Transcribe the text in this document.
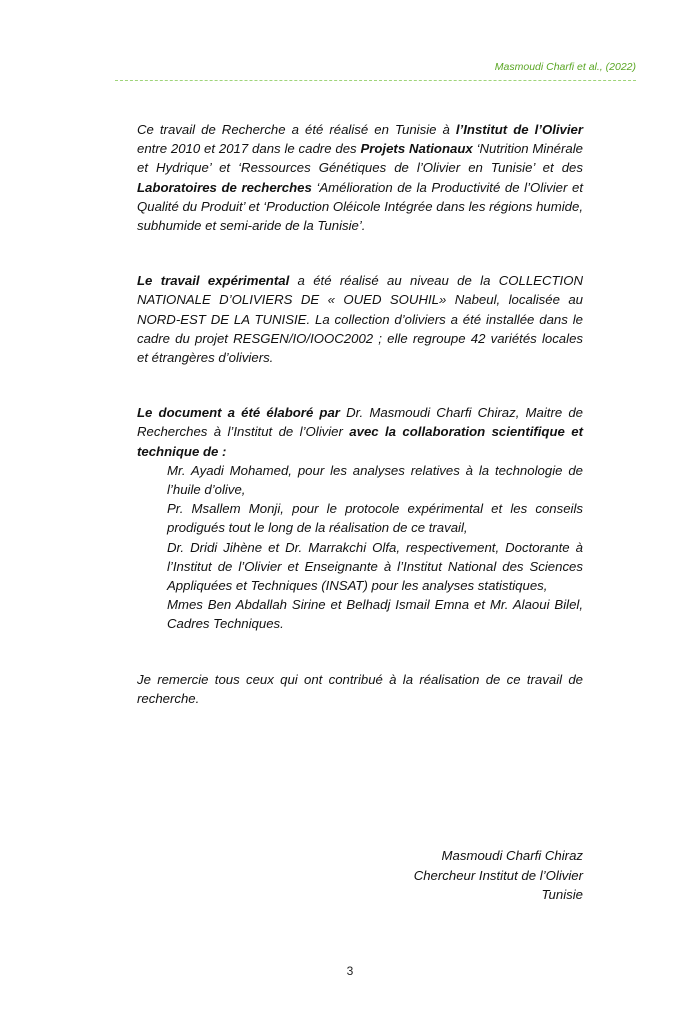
Masmoudi Charfi et al., (2022)

Ce travail de Recherche a été réalisé en Tunisie à l’Institut de l’Olivier entre 2010 et 2017 dans le cadre des Projets Nationaux ‘Nutrition Minérale et Hydrique’ et ‘Ressources Génétiques de l’Olivier en Tunisie’ et des Laboratoires de recherches ‘Amélioration de la Productivité de l’Olivier et Qualité du Produit’ et ‘Production Oléicole Intégrée dans les régions humide, subhumide et semi-aride de la Tunisie’.

Le travail expérimental a été réalisé au niveau de la COLLECTION NATIONALE D’OLIVIERS DE « OUED SOUHIL» Nabeul, localisée au NORD-EST DE LA TUNISIE. La collection d’oliviers a été installée dans le cadre du projet RESGEN/IO/IOOC2002 ; elle regroupe 42 variétés locales et étrangères d’oliviers.

Le document a été élaboré par Dr. Masmoudi Charfi Chiraz, Maitre de Recherches à l’Institut de l’Olivier avec la collaboration scientifique et technique de :

Mr. Ayadi Mohamed, pour les analyses relatives à la technologie de l’huile d’olive,

Pr. Msallem Monji, pour le protocole expérimental et les conseils prodigués tout le long de la réalisation de ce travail,

Dr. Dridi Jihène et Dr. Marrakchi Olfa, respectivement, Doctorante à l’Institut de l’Olivier et Enseignante à l’Institut National des Sciences Appliquées et Techniques (INSAT) pour les analyses statistiques,

Mmes Ben Abdallah Sirine et Belhadj Ismail Emna et Mr. Alaoui Bilel, Cadres Techniques.

Je remercie tous ceux qui ont contribué à la réalisation de ce travail de recherche.

Masmoudi Charfi Chiraz
Chercheur Institut de l’Olivier
Tunisie
3
